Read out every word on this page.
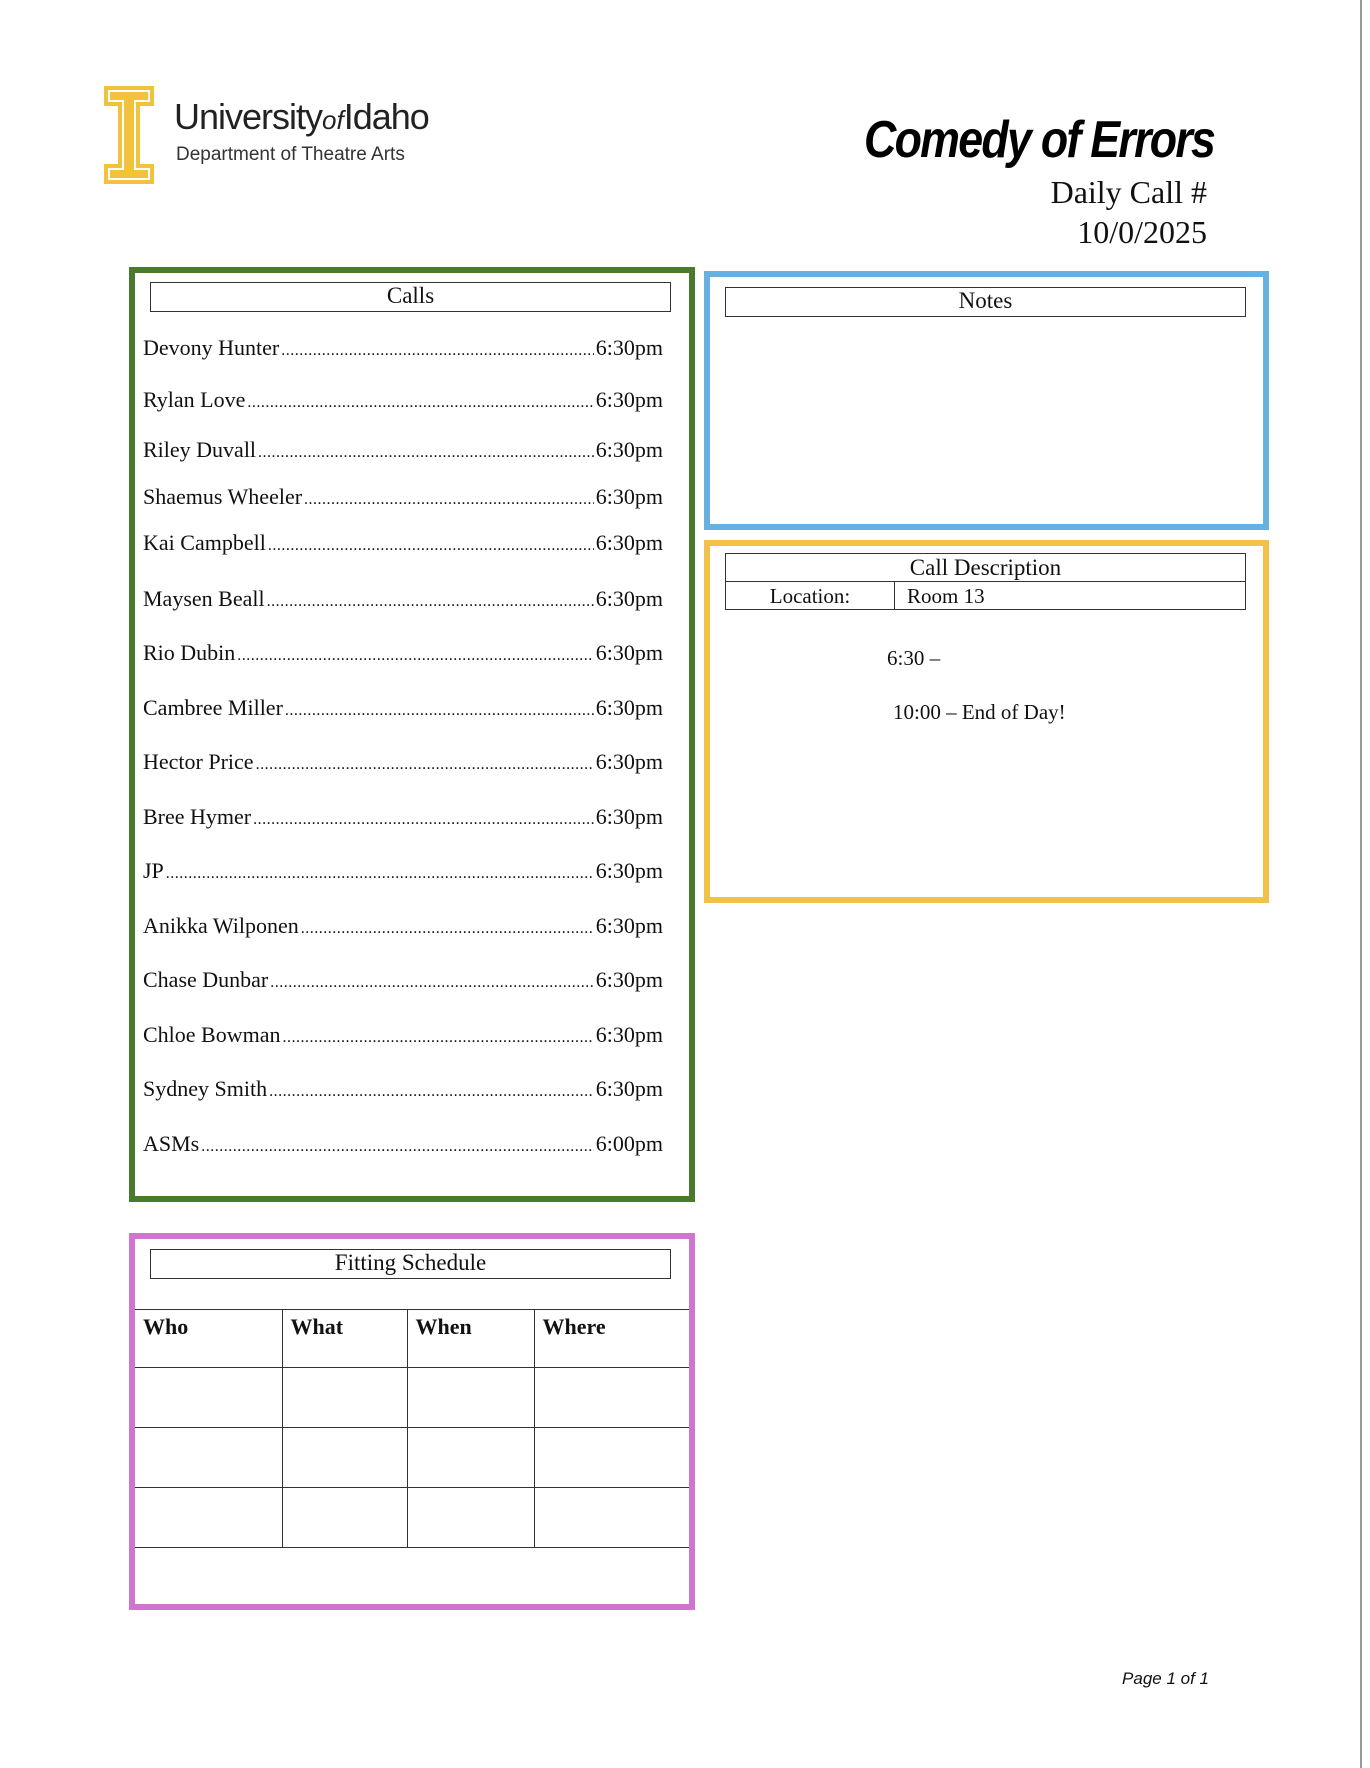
UniversityofIdaho
Department of Theatre Arts	Comedy of Errors
Daily Call #
10/0/2025
Calls
Devony Hunter .....	6:30pm
Rylan Love .....	6:30pm
Riley Duvall .....	6:30pm
Shaemus Wheeler .....	6:30pm
Kai Campbell .....	6:30pm
Maysen Beall .....	6:30pm
Rio Dubin .....	6:30pm
Cambree Miller .....	6:30pm
Hector Price .....	6:30pm
Bree Hymer .....	6:30pm
JP .....	6:30pm
Anikka Wilponen .....	6:30pm
Chase Dunbar .....	6:30pm
Chloe Bowman .....	6:30pm
Sydney Smith .....	6:30pm
ASMs .....	6:00pm
Notes
Call Description
Location:	Room 13
6:30 –
10:00 – End of Day!
Fitting Schedule
Who	What	When	Where

Page 1 of 1
